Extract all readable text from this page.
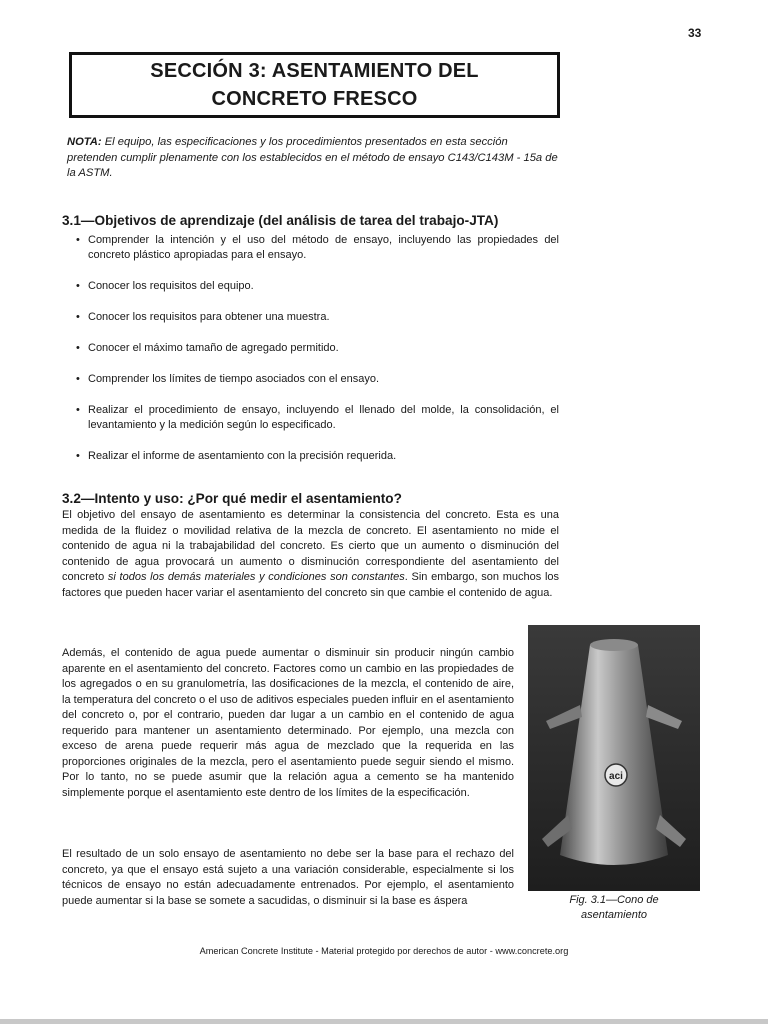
33
SECCIÓN 3: ASENTAMIENTO DEL
CONCRETO FRESCO

NOTA: El equipo, las especificaciones y los procedimientos presentados en esta sección pretenden cumplir plenamente con los establecidos en el método de ensayo C143/C143M - 15a de la ASTM.

3.1—Objetivos de aprendizaje (del análisis de tarea del trabajo-JTA)
• Comprender la intención y el uso del método de ensayo, incluyendo las propiedades del concreto plástico apropiadas para el ensayo.
• Conocer los requisitos del equipo.
• Conocer los requisitos para obtener una muestra.
• Conocer el máximo tamaño de agregado permitido.
• Comprender los límites de tiempo asociados con el ensayo.
• Realizar el procedimiento de ensayo, incluyendo el llenado del molde, la consolidación, el levantamiento y la medición según lo especificado.
• Realizar el informe de asentamiento con la precisión requerida.
3.2—Intento y uso: ¿Por qué medir el asentamiento?

El objetivo del ensayo de asentamiento es determinar la consistencia del concreto. Esta es una medida de la fluidez o movilidad relativa de la mezcla de concreto. El asentamiento no mide el contenido de agua ni la trabajabilidad del concreto. Es cierto que un aumento o disminución del contenido de agua provocará un aumento o disminución correspondiente del asentamiento del concreto si todos los demás materiales y condiciones son constantes. Sin embargo, son muchos los factores que pueden hacer variar el asentamiento del concreto sin que cambie el contenido de agua.

Además, el contenido de agua puede aumentar o disminuir sin producir ningún cambio aparente en el asentamiento del concreto. Factores como un cambio en las propiedades de los agregados o en su granulometría, las dosificaciones de la mezcla, el contenido de aire, la temperatura del concreto o el uso de aditivos especiales pueden influir en el asentamiento del concreto o, por el contrario, pueden dar lugar a un cambio en el contenido de agua requerido para mantener un asentamiento determinado. Por ejemplo, una mezcla con exceso de arena puede requerir más agua de mezclado que la requerida en las proporciones originales de la mezcla, pero el asentamiento puede seguir siendo el mismo. Por lo tanto, no se puede asumir que la relación agua a cemento se ha mantenido simplemente porque el asentamiento este dentro de los límites de la especificación.

El resultado de un solo ensayo de asentamiento no debe ser la base para el rechazo del concreto, ya que el ensayo está sujeto a una variación considerable, especialmente si los técnicos de ensayo no están adecuadamente entrenados. Por ejemplo, el asentamiento puede aumentar si la base se somete a sacudidas, o disminuir si la base es áspera

aci
Fig. 3.1—Cono de
asentamiento
American Concrete Institute - Material protegido por derechos de autor - www.concrete.org
